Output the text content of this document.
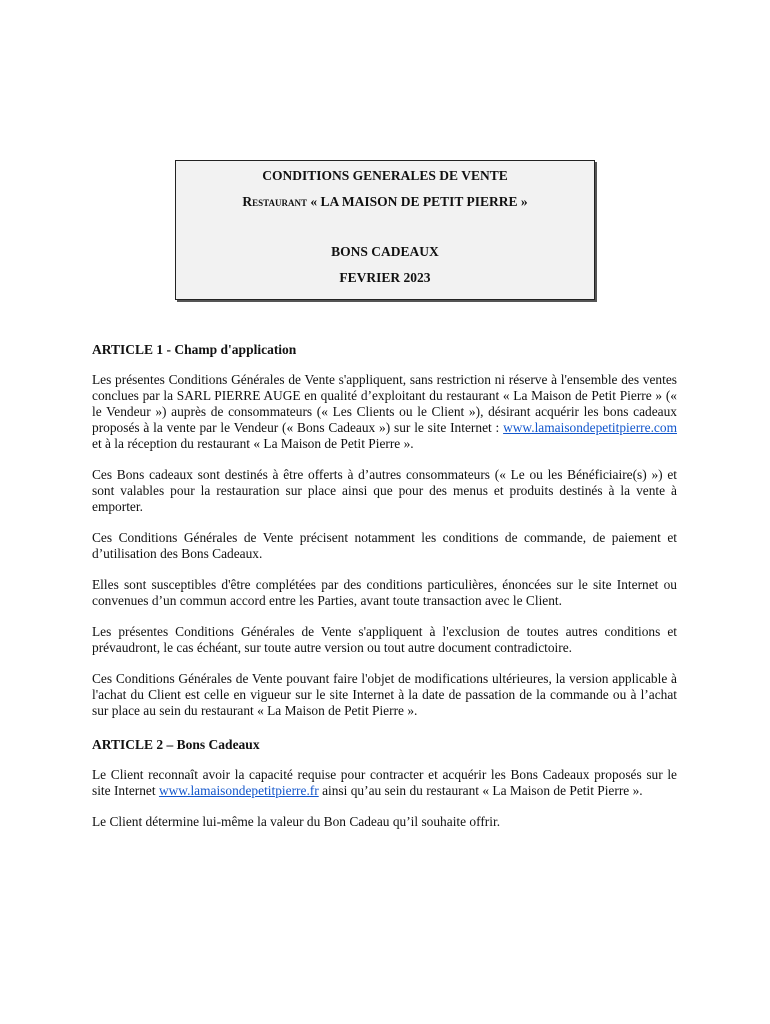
CONDITIONS GENERALES DE VENTE
Restaurant « LA MAISON DE PETIT PIERRE »
BONS CADEAUX
FEVRIER 2023
ARTICLE 1 - Champ d'application

Les présentes Conditions Générales de Vente s'appliquent, sans restriction ni réserve à l'ensemble des ventes conclues par la SARL PIERRE AUGE en qualité d’exploitant du restaurant « La Maison de Petit Pierre » (« le Vendeur ») auprès de consommateurs (« Les Clients ou le Client »), désirant acquérir les bons cadeaux proposés à la vente par le Vendeur (« Bons Cadeaux ») sur le site Internet : www.lamaisondepetitpierre.com et à la réception du restaurant « La Maison de Petit Pierre ».

Ces Bons cadeaux sont destinés à être offerts à d’autres consommateurs (« Le ou les Bénéficiaire(s) ») et sont valables pour la restauration sur place ainsi que pour des menus et produits destinés à la vente à emporter.

Ces Conditions Générales de Vente précisent notamment les conditions de commande, de paiement et d’utilisation des Bons Cadeaux.

Elles sont susceptibles d'être complétées par des conditions particulières, énoncées sur le site Internet ou convenues d’un commun accord entre les Parties, avant toute transaction avec le Client.

Les présentes Conditions Générales de Vente s'appliquent à l'exclusion de toutes autres conditions et prévaudront, le cas échéant, sur toute autre version ou tout autre document contradictoire.

Ces Conditions Générales de Vente pouvant faire l'objet de modifications ultérieures, la version applicable à l'achat du Client est celle en vigueur sur le site Internet à la date de passation de la commande ou à l’achat sur place au sein du restaurant « La Maison de Petit Pierre ».

ARTICLE 2 – Bons Cadeaux

Le Client reconnaît avoir la capacité requise pour contracter et acquérir les Bons Cadeaux proposés sur le site Internet www.lamaisondepetitpierre.fr ainsi qu’au sein du restaurant « La Maison de Petit Pierre ».

Le Client détermine lui-même la valeur du Bon Cadeau qu’il souhaite offrir.
